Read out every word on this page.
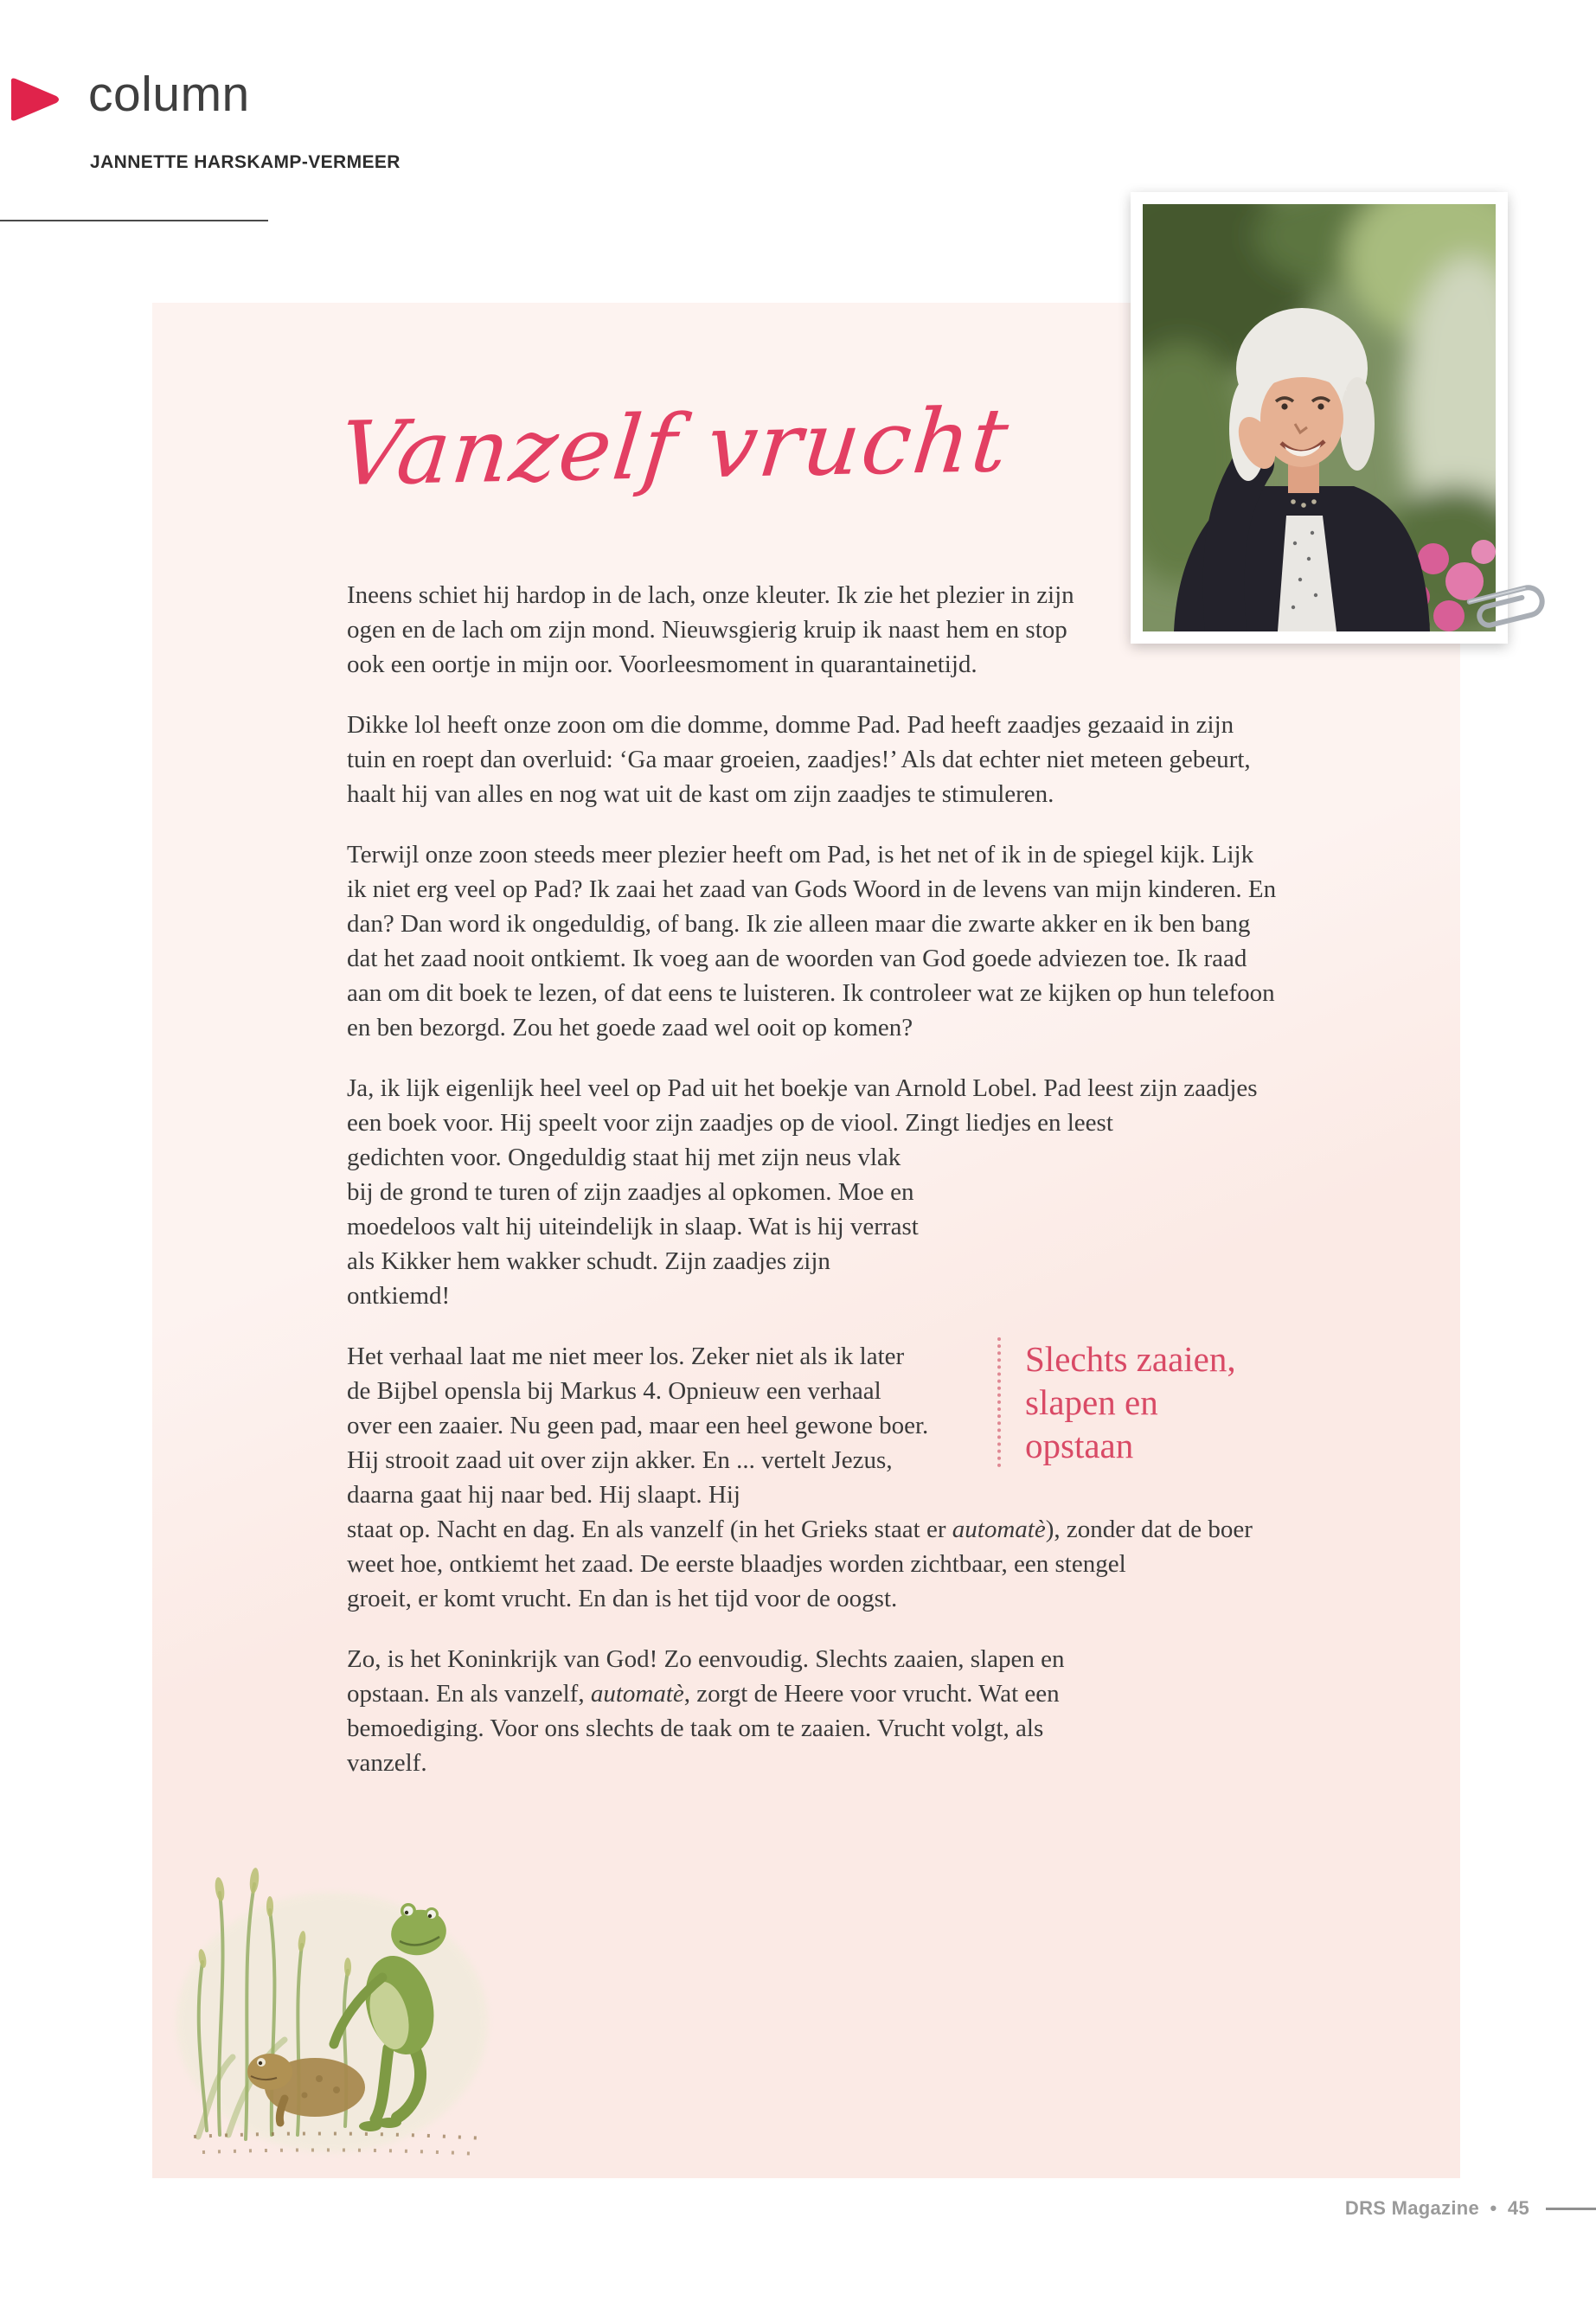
column
JANNETTE HARSKAMP-VERMEER
Vanzelf vrucht

Ineens schiet hij hardop in de lach, onze kleuter. Ik zie het plezier in zijn ogen en de lach om zijn mond. Nieuwsgierig kruip ik naast hem en stop ook een oortje in mijn oor. Voorleesmoment in quarantainetijd.

Dikke lol heeft onze zoon om die domme, domme Pad. Pad heeft zaadjes gezaaid in zijn tuin en roept dan overluid: ‘Ga maar groeien, zaadjes!’ Als dat echter niet meteen gebeurt, haalt hij van alles en nog wat uit de kast om zijn zaadjes te stimuleren.

Terwijl onze zoon steeds meer plezier heeft om Pad, is het net of ik in de spiegel kijk. Lijk ik niet erg veel op Pad? Ik zaai het zaad van Gods Woord in de levens van mijn kinderen. En dan? Dan word ik ongeduldig, of bang. Ik zie alleen maar die zwarte akker en ik ben bang dat het zaad nooit ontkiemt. Ik voeg aan de woorden van God goede adviezen toe. Ik raad aan om dit boek te lezen, of dat eens te luisteren. Ik controleer wat ze kijken op hun telefoon en ben bezorgd. Zou het goede zaad wel ooit op komen?

Ja, ik lijk eigenlijk heel veel op Pad uit het boekje van Arnold Lobel. Pad leest zijn zaadjes een boek voor. Hij speelt voor zijn zaadjes op de viool. Zingt liedjes en leest

gedichten voor. Ongeduldig staat hij met zijn neus vlak bij de grond te turen of zijn zaadjes al opkomen. Moe en moedeloos valt hij uiteindelijk in slaap. Wat is hij verrast als Kikker hem wakker schudt. Zijn zaadjes zijn ontkiemd!

Het verhaal laat me niet meer los. Zeker niet als ik later de Bijbel opensla bij Markus 4. Opnieuw een verhaal over een zaaier. Nu geen pad, maar een heel gewone boer. Hij strooit zaad uit over zijn akker. En ... vertelt Jezus, daarna gaat hij naar bed. Hij slaapt. Hij

staat op. Nacht en dag. En als vanzelf (in het Grieks staat er automatè), zonder dat de boer weet hoe, ontkiemt het zaad. De eerste blaadjes worden zichtbaar, een stengel

groeit, er komt vrucht. En dan is het tijd voor de oogst.

Zo, is het Koninkrijk van God! Zo eenvoudig. Slechts zaaien, slapen en opstaan. En als vanzelf, automatè, zorgt de Heere voor vrucht. Wat een bemoediging. Voor ons slechts de taak om te zaaien. Vrucht volgt, als vanzelf.

Slechts zaaien, slapen en opstaan
DRS Magazine • 45
